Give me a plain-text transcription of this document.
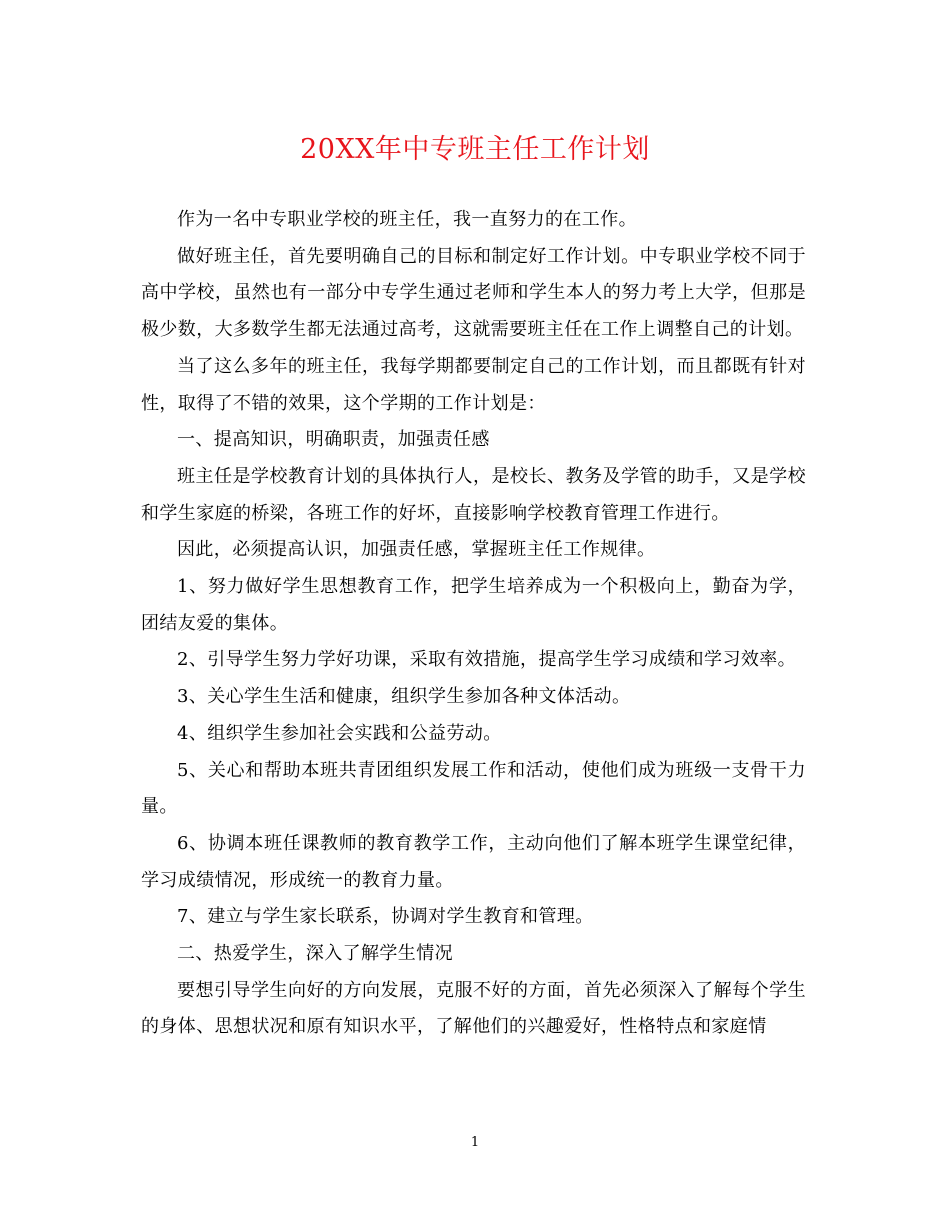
20XX年中专班主任工作计划

作为一名中专职业学校的班主任，我一直努力的在工作。

做好班主任，首先要明确自己的目标和制定好工作计划。中专职业学校不同于高中学校，虽然也有一部分中专学生通过老师和学生本人的努力考上大学，但那是极少数，大多数学生都无法通过高考，这就需要班主任在工作上调整自己的计划。

当了这么多年的班主任，我每学期都要制定自己的工作计划，而且都既有针对性，取得了不错的效果，这个学期的工作计划是：

一、提高知识，明确职责，加强责任感

班主任是学校教育计划的具体执行人，是校长、教务及学管的助手，又是学校和学生家庭的桥梁，各班工作的好坏，直接影响学校教育管理工作进行。

因此，必须提高认识，加强责任感，掌握班主任工作规律。

1、努力做好学生思想教育工作，把学生培养成为一个积极向上，勤奋为学，团结友爱的集体。

2、引导学生努力学好功课，采取有效措施，提高学生学习成绩和学习效率。

3、关心学生生活和健康，组织学生参加各种文体活动。

4、组织学生参加社会实践和公益劳动。

5、关心和帮助本班共青团组织发展工作和活动，使他们成为班级一支骨干力量。

6、协调本班任课教师的教育教学工作，主动向他们了解本班学生课堂纪律，学习成绩情况，形成统一的教育力量。

7、建立与学生家长联系，协调对学生教育和管理。

二、热爱学生，深入了解学生情况

要想引导学生向好的方向发展，克服不好的方面，首先必须深入了解每个学生的身体、思想状况和原有知识水平，了解他们的兴趣爱好，性格特点和家庭情

1
